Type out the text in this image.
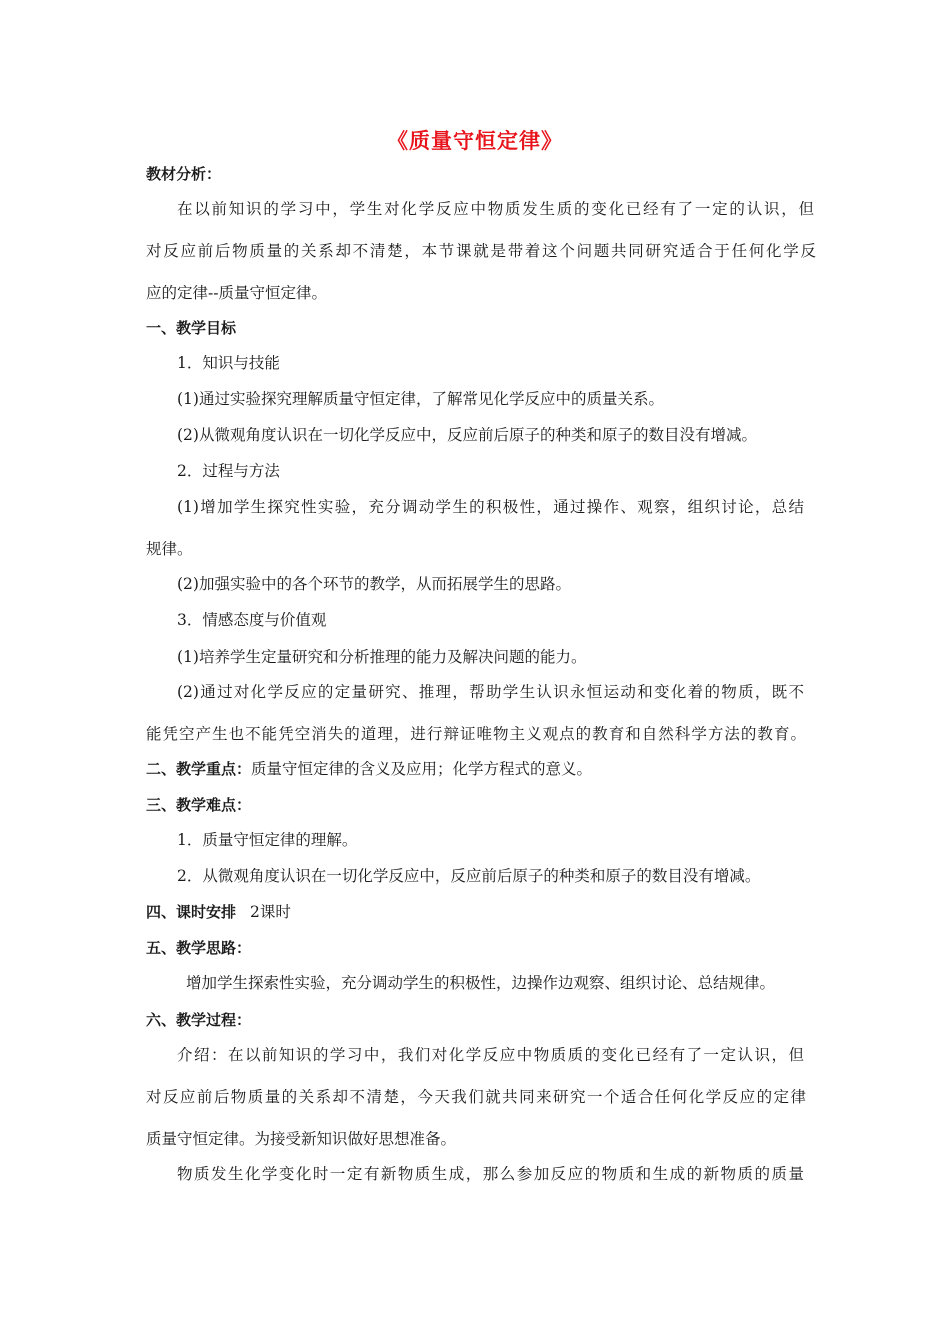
《质量守恒定律》
教材分析：
在以前知识的学习中，学生对化学反应中物质发生质的变化已经有了一定的认识，但
对反应前后物质量的关系却不清楚，本节课就是带着这个问题共同研究适合于任何化学反
应的定律--质量守恒定律。
一、教学目标
1．知识与技能
(1)通过实验探究理解质量守恒定律，了解常见化学反应中的质量关系。
(2)从微观角度认识在一切化学反应中，反应前后原子的种类和原子的数目没有增减。
2．过程与方法
(1)增加学生探究性实验，充分调动学生的积极性，通过操作、观察，组织讨论，总结
规律。
(2)加强实验中的各个环节的教学，从而拓展学生的思路。
3．情感态度与价值观
(1)培养学生定量研究和分析推理的能力及解决问题的能力。
(2)通过对化学反应的定量研究、推理，帮助学生认识永恒运动和变化着的物质，既不
能凭空产生也不能凭空消失的道理，进行辩证唯物主义观点的教育和自然科学方法的教育。
二、教学重点：质量守恒定律的含义及应用；化学方程式的意义。
三、教学难点：
1．质量守恒定律的理解。
2．从微观角度认识在一切化学反应中，反应前后原子的种类和原子的数目没有增减。
四、课时安排 2课时
五、教学思路：
增加学生探索性实验，充分调动学生的积极性，边操作边观察、组织讨论、总结规律。
六、教学过程：
介绍：在以前知识的学习中，我们对化学反应中物质质的变化已经有了一定认识，但
对反应前后物质量的关系却不清楚，今天我们就共同来研究一个适合任何化学反应的定律
质量守恒定律。为接受新知识做好思想准备。
物质发生化学变化时一定有新物质生成，那么参加反应的物质和生成的新物质的质量
